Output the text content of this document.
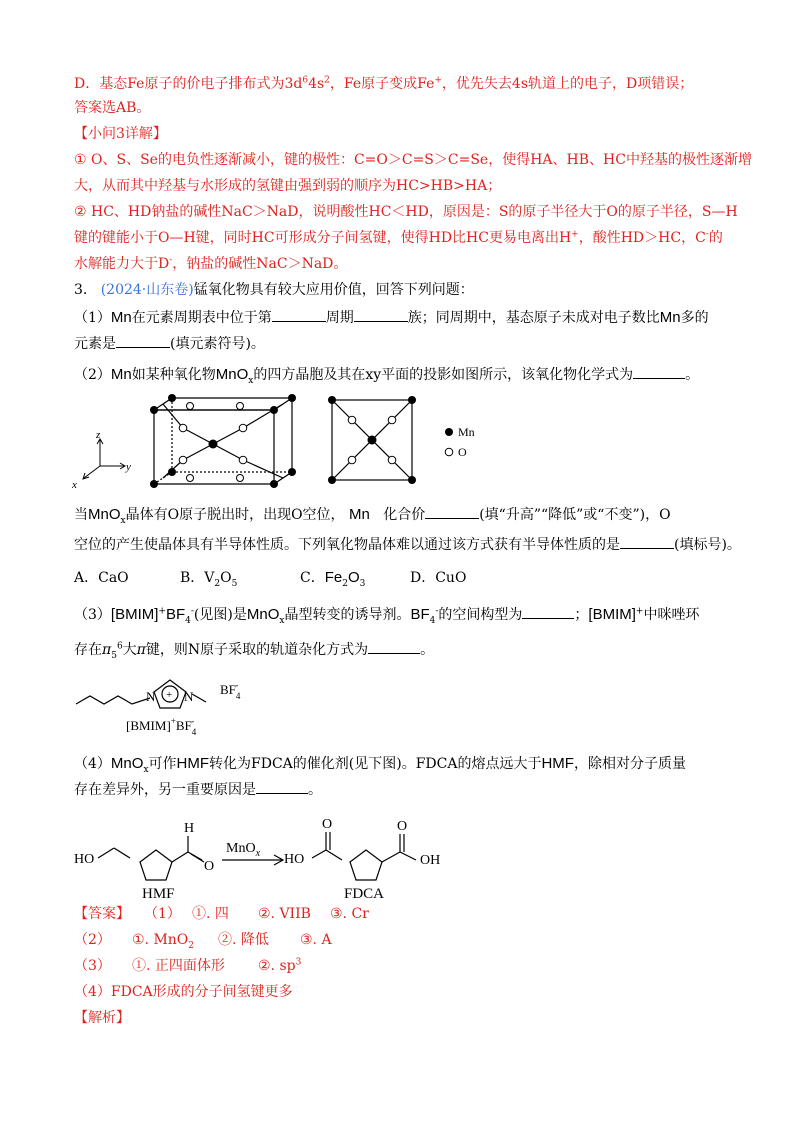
D．基态Fe原子的价电子排布式为$3d^64s^2$，Fe原子变成Fe+，优先失去4s轨道上的电子，D项错误；
答案选AB。
【小问3详解】
① O、S、Se的电负性逐渐减小，键的极性：C=O＞C=S＞C=Se，使得HA、HB、HC中羟基的极性逐渐增
大，从而其中羟基与水形成的氢键由强到弱的顺序为HC>HB>HA；
② HC、HD钠盐的碱性NaC＞NaD，说明酸性HC＜HD，原因是：S的原子半径大于O的原子半径，S—H
键的键能小于O—H键，同时HC可形成分子间氢键，使得HD比HC更易电离出H+，酸性HD＞HC，C-的
水解能力大于D-，钠盐的碱性NaC＞NaD。
3. (2024·山东卷)锰氧化物具有较大应用价值，回答下列问题：
（1）Mn在元素周期表中位于第	周期	族；同周期中，基态原子未成对电子数比Mn多的
元素是	(填元素符号)。
（2）Mn如某种氧化物MnO$_x$的四方晶胞及其在xy平面的投影如图所示，该氧化物化学式为	。
z
y
x
Mn
O
当MnO$_x$晶体有O原子脱出时，出现O空位， Mn 化合价	(填“升高”“降低”或“不变”)，O
空位的产生使晶体具有半导体性质。下列氧化物晶体难以通过该方式获有半导体性质的是	(填标号)。
A．CaO	B．$V_2O_5$	C．$Fe_2O_3$	D．CuO
$(3)[BMIM]^+BF_4^-$(见图)是MnO$_x$晶型转变的诱导剂。$BF_4^-$的空间构型为	；[BMIM]+中咪唑环
存在$\pi_5^6$大π键，则N原子采取的轨道杂化方式为	。
+
N N $BF_4-$
$[BMIM]^+BF_4-$
（4）MnO$_x$可作HMF转化为FDCA的催化剂(见下图)。FDCA的熔点远大于HMF，除相对分子质量
存在差异外，另一重要原因是	。
HO
H
O
HMF
MnO$_x$ HO
O	O
OH
FDCA
【答案】 （1） ①. 四 ②. VIIB ③. Cr
（2） ①. MnO$_2$ ②. 降低 ③. A
（3） ①. 正四面体形 ②. $sp^3$
（4）FDCA形成的分子间氢键更多
【解析】
